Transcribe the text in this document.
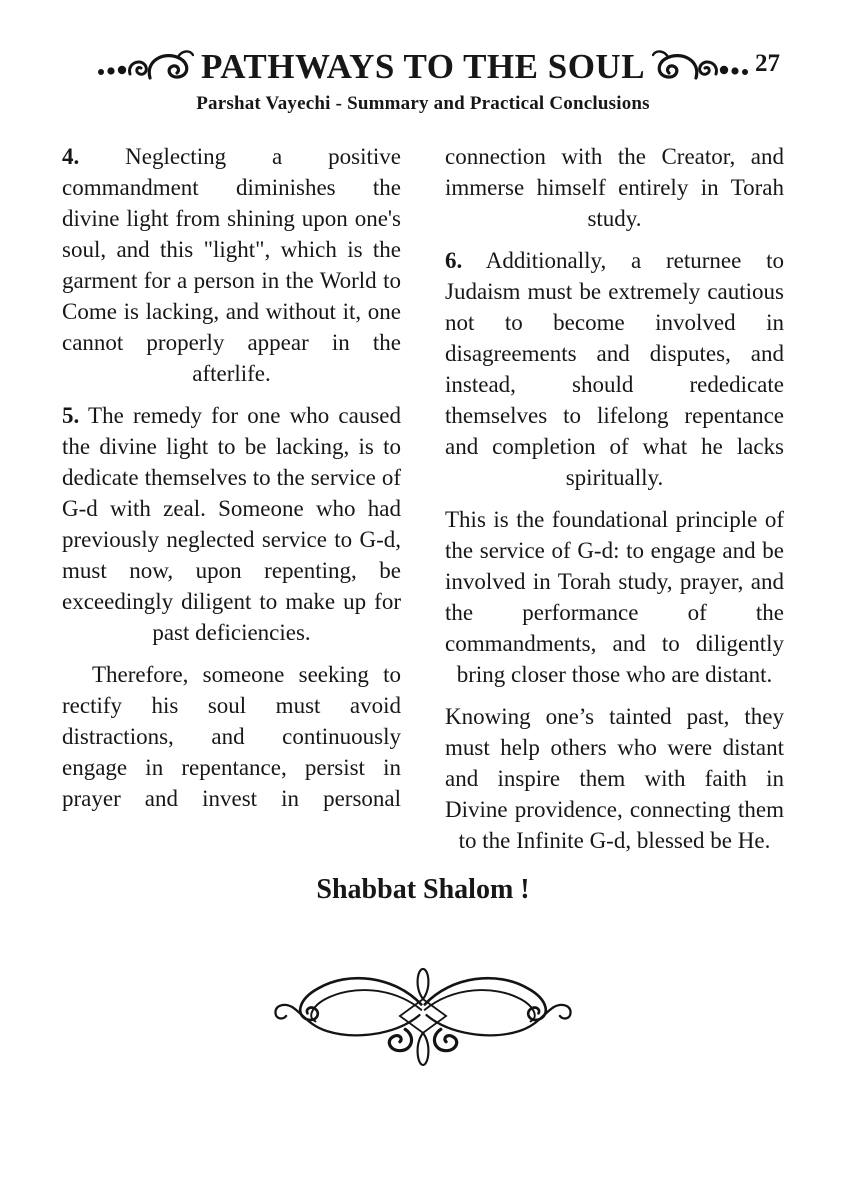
PATHWAYS TO THE SOUL	27
Parshat Vayechi - Summary and Practical Conclusions

4. Neglecting a positive commandment diminishes the divine light from shining upon one's soul, and this "light", which is the garment for a person in the World to Come is lacking, and without it, one cannot properly appear in the afterlife.

5. The remedy for one who caused the divine light to be lacking, is to dedicate themselves to the service of G-d with zeal. Someone who had previously neglected service to G-d, must now, upon repenting, be exceedingly diligent to make up for past deficiencies.

Therefore, someone seeking to rectify his soul must avoid distractions, and continuously engage in repentance, persist in prayer and invest in personal

connection with the Creator, and immerse himself entirely in Torah study.

6. Additionally, a returnee to Judaism must be extremely cautious not to become involved in disagreements and disputes, and instead, should rededicate themselves to lifelong repentance and completion of what he lacks spiritually.

This is the foundational principle of the service of G-d: to engage and be involved in Torah study, prayer, and the performance of the commandments, and to diligently bring closer those who are distant.

Knowing one’s tainted past, they must help others who were distant and inspire them with faith in Divine providence, connecting them to the Infinite G-d, blessed be He.

Shabbat Shalom !
